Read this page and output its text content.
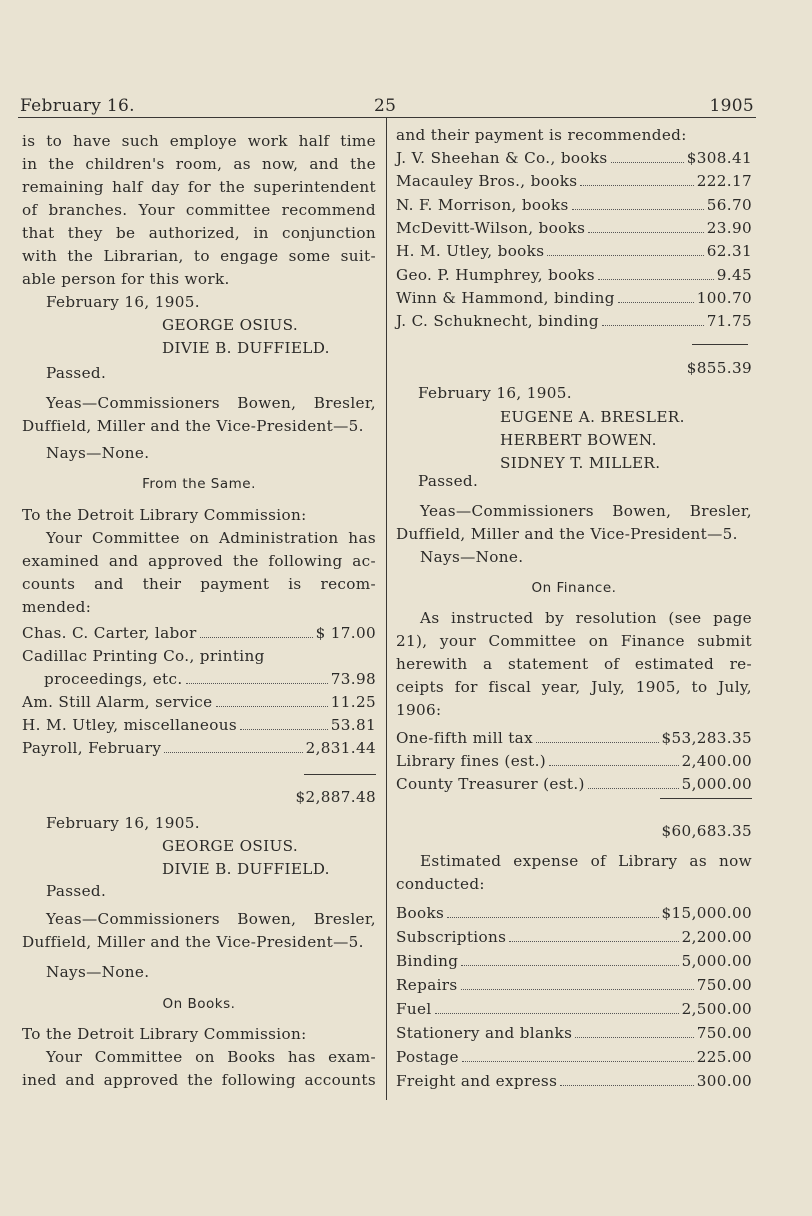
February 16.	25	1905
is to have such employe work half time
in the children's room, as now, and the
remaining half day for the superintendent
of branches. Your committee recommend
that they be authorized, in conjunction
with the Librarian, to engage some suit-
able person for this work.
February 16, 1905.
GEORGE OSIUS.
DIVIE B. DUFFIELD.
Passed.
Yeas—Commissioners Bowen, Bresler,
Duffield, Miller and the Vice-President—5.
Nays—None.
From the Same.
To the Detroit Library Commission:
Your Committee on Administration has
examined and approved the following ac-
counts and their payment is recom-
mended:
Chas. C. Carter, labor	$ 17.00
Cadillac Printing Co., printing
proceedings, etc.	73.98
Am. Still Alarm, service	11.25
H. M. Utley, miscellaneous	53.81
Payroll, February	2,831.44
$2,887.48
February 16, 1905.
GEORGE OSIUS.
DIVIE B. DUFFIELD.
Passed.
Yeas—Commissioners Bowen, Bresler,
Duffield, Miller and the Vice-President—5.
Nays—None.
On Books.
To the Detroit Library Commission:
Your Committee on Books has exam-
ined and approved the following accounts
and their payment is recommended:
J. V. Sheehan & Co., books	$308.41
Macauley Bros., books	222.17
N. F. Morrison, books	56.70
McDevitt-Wilson, books	23.90
H. M. Utley, books	62.31
Geo. P. Humphrey, books	9.45
Winn & Hammond, binding	100.70
J. C. Schuknecht, binding	71.75
$855.39
February 16, 1905.
EUGENE A. BRESLER.
HERBERT BOWEN.
SIDNEY T. MILLER.
Passed.
Yeas—Commissioners Bowen, Bresler,
Duffield, Miller and the Vice-President—5.
Nays—None.
On Finance.
As instructed by resolution (see page
21), your Committee on Finance submit
herewith a statement of estimated re-
ceipts for fiscal year, July, 1905, to July,
1906:
One-fifth mill tax	$53,283.35
Library fines (est.)	2,400.00
County Treasurer (est.)	5,000.00
$60,683.35
Estimated expense of Library as now
conducted:
Books	$15,000.00
Subscriptions	2,200.00
Binding	5,000.00
Repairs	750.00
Fuel	2,500.00
Stationery and blanks	750.00
Postage	225.00
Freight and express	300.00
